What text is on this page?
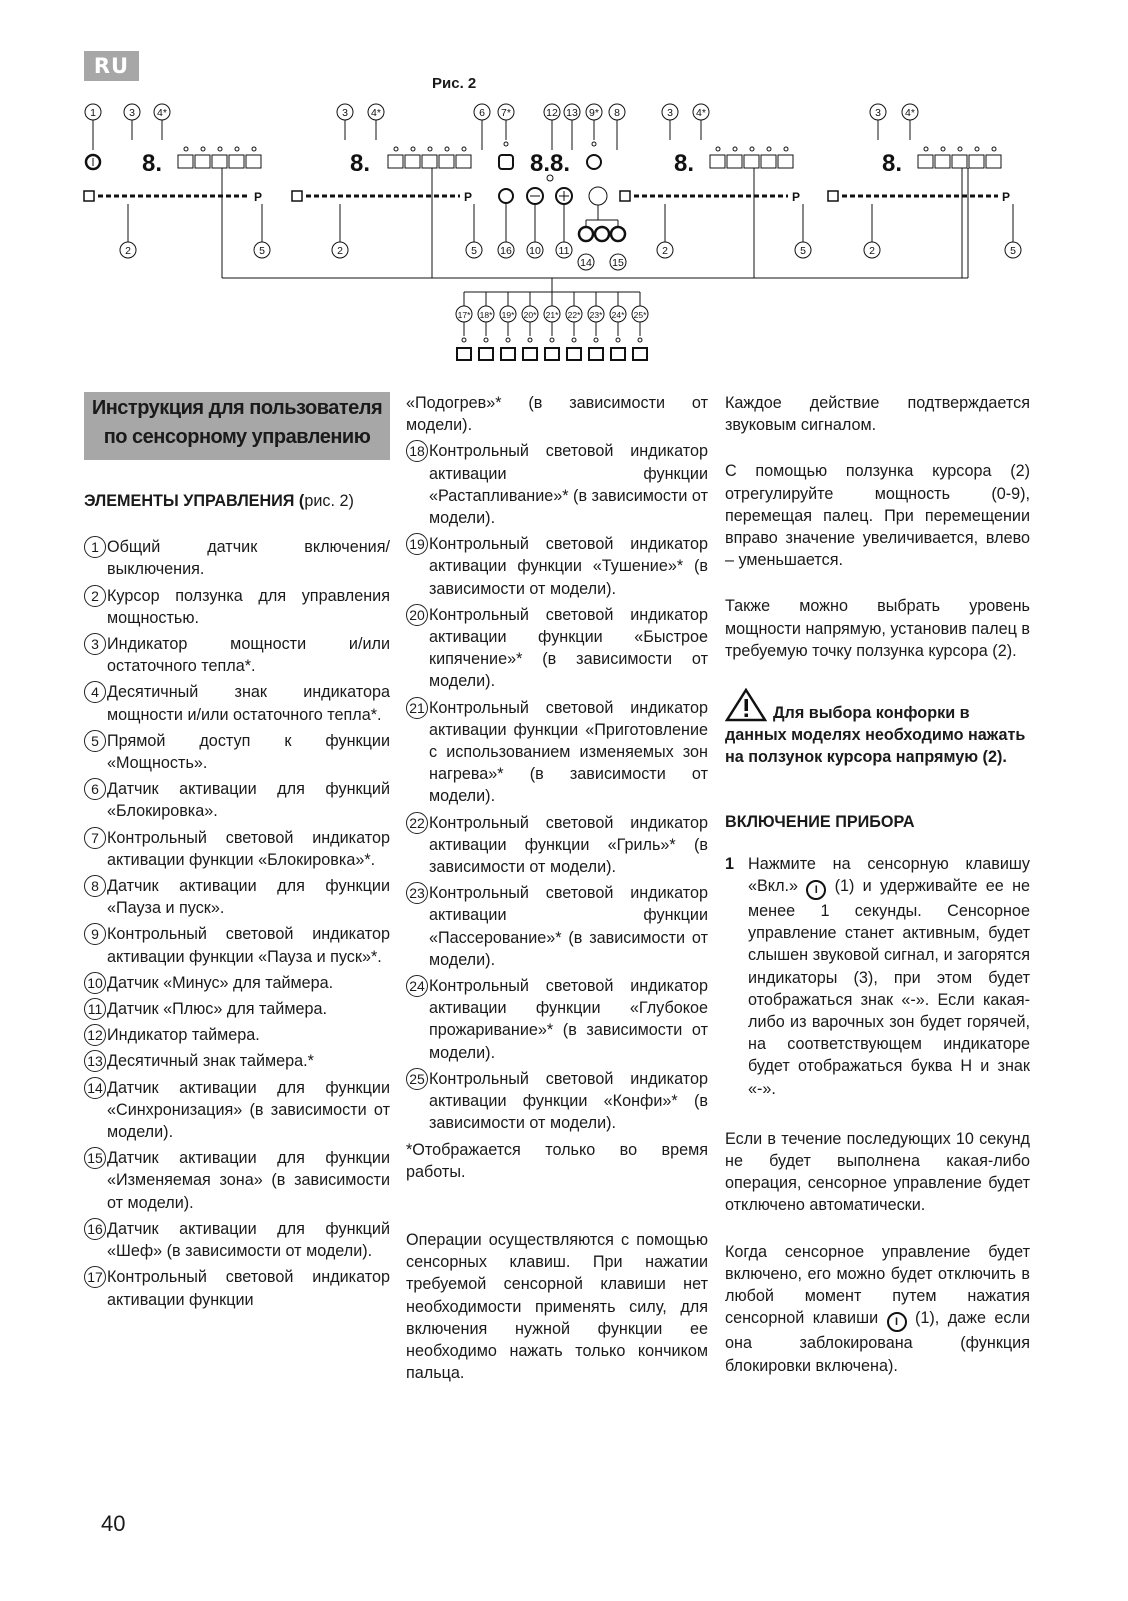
RU
Рис. 2
8.
P
8.
P
8.
P
8.
P
1	3 4*	3 4*	6 7*	12 13 9* 8	3 4*	3 4*
8.8.
2	5	2	5 16 10 11
14 15
2	5	2	5
17* 18* 19* 20* 21* 22* 23* 24* 25*
Инструкция для пользователя по сенсорному управлению
ЭЛЕМЕНТЫ УПРАВЛЕНИЯ (рис. 2)
1 Общий датчик включения/выключения.
2 Курсор ползунка для управления мощностью.
3 Индикатор мощности и/или остаточного тепла*.
4 Десятичный знак индикатора мощности и/или остаточного тепла*.
5 Прямой доступ к функции «Мощность».
6 Датчик активации для функций «Блокировка».
7 Контрольный световой индикатор активации функции «Блокировка»*.
8 Датчик активации для функции «Пауза и пуск».
9 Контрольный световой индикатор активации функции «Пауза и пуск»*.
10 Датчик «Минус» для таймера.
11 Датчик «Плюс» для таймера.
12 Индикатор таймера.
13 Десятичный знак таймера.*
14 Датчик активации для функции «Синхронизация» (в зависимости от модели).
15 Датчик активации для функции «Изменяемая зона» (в зависимости от модели).
16 Датчик активации для функций «Шеф» (в зависимости от модели).
17 Контрольный световой индикатор активации функции
«Подогрев»* (в зависимости от модели).
18 Контрольный световой индикатор активации функции «Растапливание»* (в зависимости от модели).
19 Контрольный световой индикатор активации функции «Тушение»* (в зависимости от модели).
20 Контрольный световой индикатор активации функции «Быстрое кипячение»* (в зависимости от модели).
21 Контрольный световой индикатор активации функции «Приготовление с использованием изменяемых зон нагрева»* (в зависимости от модели).
22 Контрольный световой индикатор активации функции «Гриль»* (в зависимости от модели).
23 Контрольный световой индикатор активации функции «Пассерование»* (в зависимости от модели).
24 Контрольный световой индикатор активации функции «Глубокое прожаривание»* (в зависимости от модели).
25 Контрольный световой индикатор активации функции «Конфи»* (в зависимости от модели).

*Отображается только во время работы.

Операции осуществляются с помощью сенсорных клавиш. При нажатии требуемой сенсорной клавиши нет необходимости применять силу, для включения нужной функции ее необходимо нажать только кончиком пальца.

Каждое действие подтверждается звуковым сигналом.

С помощью ползунка курсора (2) отрегулируйте мощность (0-9), перемещая палец. При перемещении вправо значение увеличивается, влево – уменьшается.

Также можно выбрать уровень мощности напрямую, установив палец в требуемую точку ползунка курсора (2).

Для выбора конфорки в данных моделях необходимо нажать на ползунок курсора напрямую (2).
ВКЛЮЧЕНИЕ ПРИБОРА
1 Нажмите на сенсорную клавишу «Вкл.» I (1) и удерживайте ее не менее 1 секунды. Сенсорное управление станет активным, будет слышен звуковой сигнал, и загорятся индикаторы (3), при этом будет отображаться знак «-». Если какая-либо из варочных зон будет горячей, на соответствующем индикаторе будет отображаться буква H и знак «-».

Если в течение последующих 10 секунд не будет выполнена какая-либо операция, сенсорное управление будет отключено автоматически.

Когда сенсорное управление будет включено, его можно будет отключить в любой момент путем нажатия сенсорной клавиши I (1), даже если она заблокирована (функция блокировки включена).

40
